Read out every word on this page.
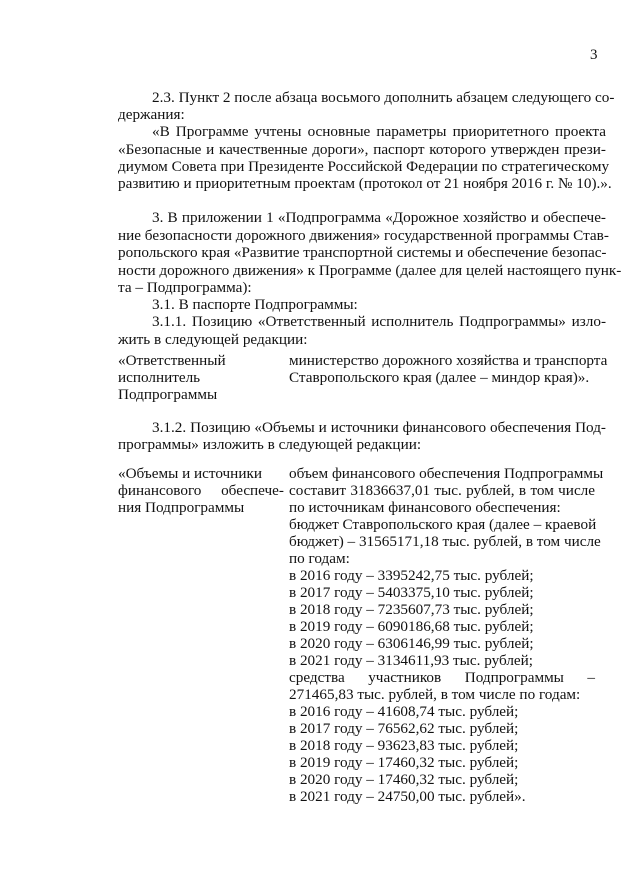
3
2.3. Пункт 2 после абзаца восьмого дополнить абзацем следующего со-
держания:
«В Программе учтены основные параметры приоритетного проекта
«Безопасные и качественные дороги», паспорт которого утвержден прези-
диумом Совета при Президенте Российской Федерации по стратегическому
развитию и приоритетным проектам (протокол от 21 ноября 2016 г. № 10).».
3. В приложении 1 «Подпрограмма «Дорожное хозяйство и обеспече-
ние безопасности дорожного движения» государственной программы Став-
ропольского края «Развитие транспортной системы и обеспечение безопас-
ности дорожного движения» к Программе (далее для целей настоящего пунк-
та – Подпрограмма):
3.1. В паспорте Подпрограммы:
3.1.1. Позицию «Ответственный исполнитель Подпрограммы» изло-
жить в следующей редакции:
«Ответственный
исполнитель
Подпрограммы
министерство дорожного хозяйства и транспорта
Ставропольского края (далее – миндор края)».
3.1.2. Позицию «Объемы и источники финансового обеспечения Под-
программы» изложить в следующей редакции:
«Объемы и источники
финансового обеспече-
ния Подпрограммы
объем финансового обеспечения Подпрограммы
составит 31836637,01 тыс. рублей, в том числе
по источникам финансового обеспечения:
бюджет Ставропольского края (далее – краевой
бюджет) – 31565171,18 тыс. рублей, в том числе
по годам:
в 2016 году – 3395242,75 тыс. рублей;
в 2017 году – 5403375,10 тыс. рублей;
в 2018 году – 7235607,73 тыс. рублей;
в 2019 году – 6090186,68 тыс. рублей;
в 2020 году – 6306146,99 тыс. рублей;
в 2021 году – 3134611,93 тыс. рублей;
средства участников Подпрограммы –
271465,83 тыс. рублей, в том числе по годам:
в 2016 году – 41608,74 тыс. рублей;
в 2017 году – 76562,62 тыс. рублей;
в 2018 году – 93623,83 тыс. рублей;
в 2019 году – 17460,32 тыс. рублей;
в 2020 году – 17460,32 тыс. рублей;
в 2021 году – 24750,00 тыс. рублей».
